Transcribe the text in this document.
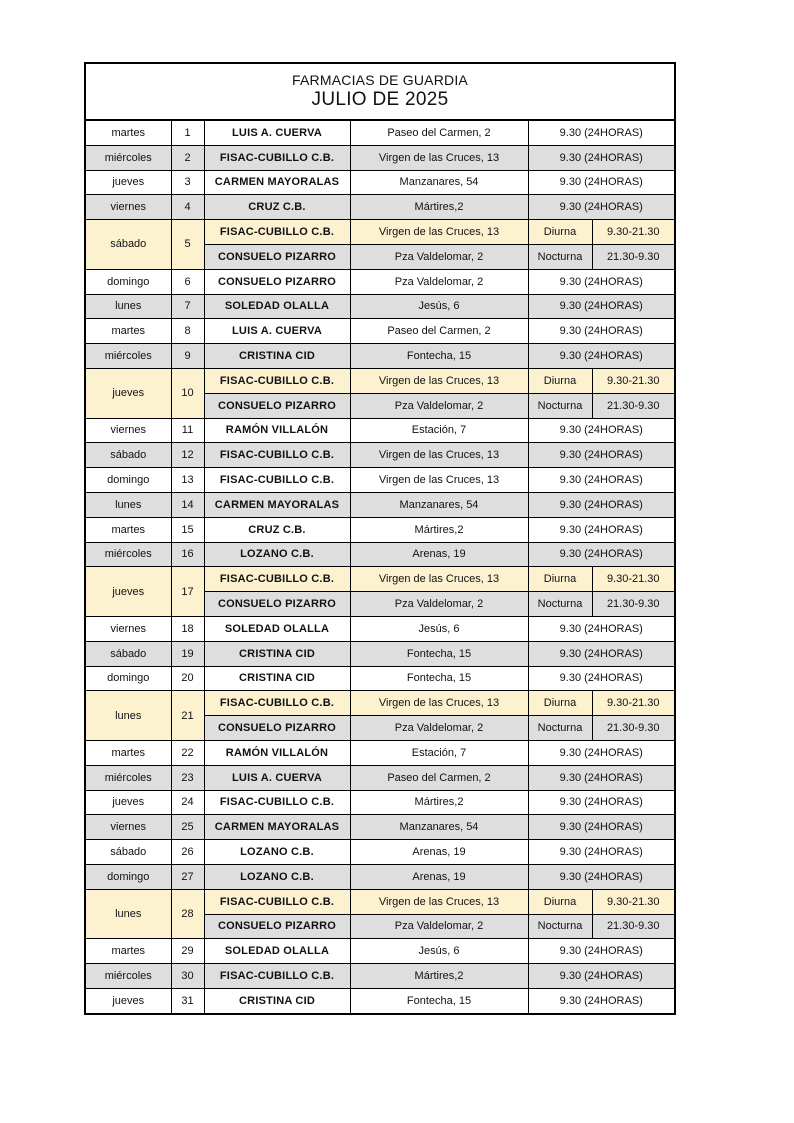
FARMACIAS DE GUARDIA
JULIO DE 2025
martes	1	LUIS A. CUERVA	Paseo del Carmen, 2	9.30 (24HORAS)	
miércoles	2	FISAC-CUBILLO C.B.	Virgen de las Cruces, 13	9.30 (24HORAS)	
jueves	3	CARMEN MAYORALAS	Manzanares, 54	9.30 (24HORAS)	
viernes	4	CRUZ C.B.	Mártires,2	9.30 (24HORAS)	
sábado	5	FISAC-CUBILLO C.B.	Virgen de las Cruces, 13	Diurna	9.30-21.30
		CONSUELO PIZARRO	Pza Valdelomar, 2	Nocturna	21.30-9.30
domingo	6	CONSUELO PIZARRO	Pza Valdelomar, 2	9.30 (24HORAS)	
lunes	7	SOLEDAD OLALLA	Jesús, 6	9.30 (24HORAS)	
martes	8	LUIS A. CUERVA	Paseo del Carmen, 2	9.30 (24HORAS)	
miércoles	9	CRISTINA CID	Fontecha, 15	9.30 (24HORAS)	
jueves	10	FISAC-CUBILLO C.B.	Virgen de las Cruces, 13	Diurna	9.30-21.30
		CONSUELO PIZARRO	Pza Valdelomar, 2	Nocturna	21.30-9.30
viernes	11	RAMÓN VILLALÓN	Estación, 7	9.30 (24HORAS)	
sábado	12	FISAC-CUBILLO C.B.	Virgen de las Cruces, 13	9.30 (24HORAS)	
domingo	13	FISAC-CUBILLO C.B.	Virgen de las Cruces, 13	9.30 (24HORAS)	
lunes	14	CARMEN MAYORALAS	Manzanares, 54	9.30 (24HORAS)	
martes	15	CRUZ C.B.	Mártires,2	9.30 (24HORAS)	
miércoles	16	LOZANO C.B.	Arenas, 19	9.30 (24HORAS)	
jueves	17	FISAC-CUBILLO C.B.	Virgen de las Cruces, 13	Diurna	9.30-21.30
		CONSUELO PIZARRO	Pza Valdelomar, 2	Nocturna	21.30-9.30
viernes	18	SOLEDAD OLALLA	Jesús, 6	9.30 (24HORAS)	
sábado	19	CRISTINA CID	Fontecha, 15	9.30 (24HORAS)	
domingo	20	CRISTINA CID	Fontecha, 15	9.30 (24HORAS)	
lunes	21	FISAC-CUBILLO C.B.	Virgen de las Cruces, 13	Diurna	9.30-21.30
		CONSUELO PIZARRO	Pza Valdelomar, 2	Nocturna	21.30-9.30
martes	22	RAMÓN VILLALÓN	Estación, 7	9.30 (24HORAS)	
miércoles	23	LUIS A. CUERVA	Paseo del Carmen, 2	9.30 (24HORAS)	
jueves	24	FISAC-CUBILLO C.B.	Mártires,2	9.30 (24HORAS)	
viernes	25	CARMEN MAYORALAS	Manzanares, 54	9.30 (24HORAS)	
sábado	26	LOZANO C.B.	Arenas, 19	9.30 (24HORAS)	
domingo	27	LOZANO C.B.	Arenas, 19	9.30 (24HORAS)	
lunes	28	FISAC-CUBILLO C.B.	Virgen de las Cruces, 13	Diurna	9.30-21.30
		CONSUELO PIZARRO	Pza Valdelomar, 2	Nocturna	21.30-9.30
martes	29	SOLEDAD OLALLA	Jesús, 6	9.30 (24HORAS)	
miércoles	30	FISAC-CUBILLO C.B.	Mártires,2	9.30 (24HORAS)	
jueves	31	CRISTINA CID	Fontecha, 15	9.30 (24HORAS)	
